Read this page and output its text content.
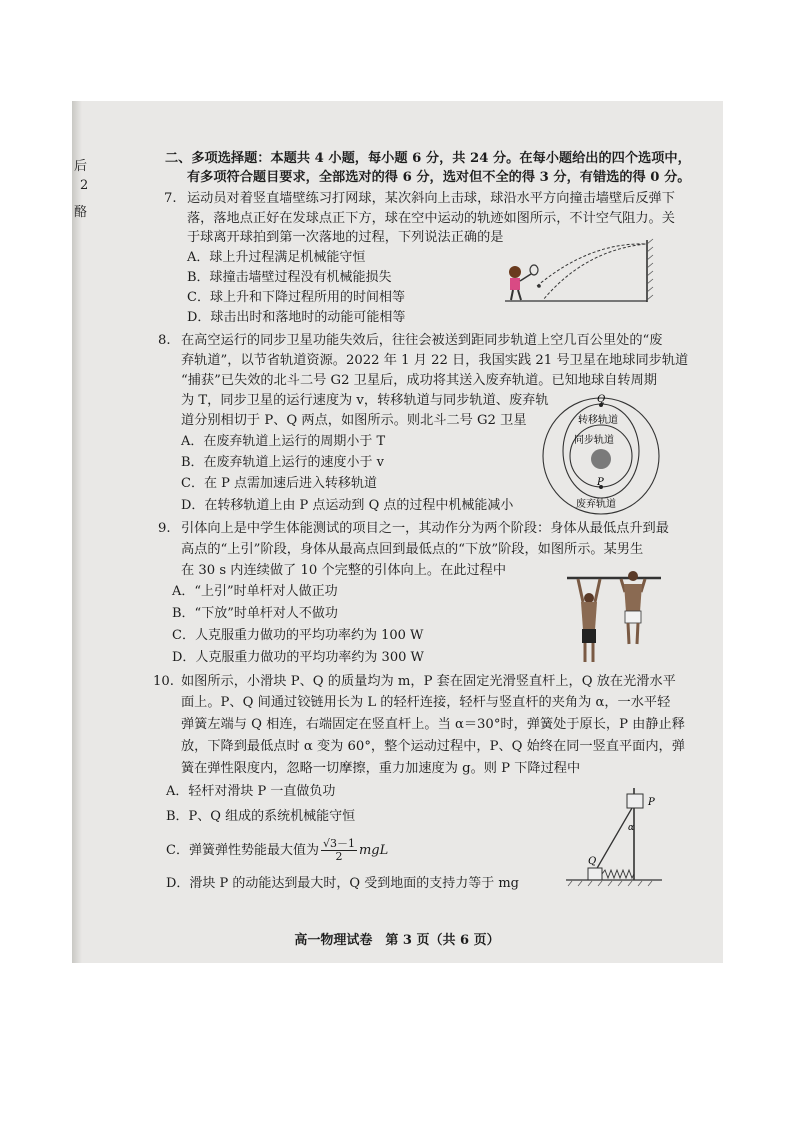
后
2
酪
二、多项选择题：本题共 4 小题，每小题 6 分，共 24 分。在每小题给出的四个选项中，
有多项符合题目要求，全部选对的得 6 分，选对但不全的得 3 分，有错选的得 0 分。
7. 运动员对着竖直墙壁练习打网球，某次斜向上击球，球沿水平方向撞击墙壁后反弹下
落，落地点正好在发球点正下方，球在空中运动的轨迹如图所示，不计空气阻力。关
于球离开球拍到第一次落地的过程，下列说法正确的是
A．球上升过程满足机械能守恒
B．球撞击墙壁过程没有机械能损失
C．球上升和下降过程所用的时间相等
D．球击出时和落地时的动能可能相等
8. 在高空运行的同步卫星功能失效后，往往会被送到距同步轨道上空几百公里处的“废
弃轨道”，以节省轨道资源。2022 年 1 月 22 日，我国实践 21 号卫星在地球同步轨道
“捕获”已失效的北斗二号 G2 卫星后，成功将其送入废弃轨道。已知地球自转周期
为 T，同步卫星的运行速度为 v，转移轨道与同步轨道、废弃轨
道分别相切于 P、Q 两点，如图所示。则北斗二号 G2 卫星
A．在废弃轨道上运行的周期小于 T
B．在废弃轨道上运行的速度小于 v
C．在 P 点需加速后进入转移轨道
D．在转移轨道上由 P 点运动到 Q 点的过程中机械能减小
Q
P
转移轨道
同步轨道
废弃轨道
9. 引体向上是中学生体能测试的项目之一，其动作分为两个阶段：身体从最低点升到最
高点的“上引”阶段，身体从最高点回到最低点的“下放”阶段，如图所示。某男生
在 30 s 内连续做了 10 个完整的引体向上。在此过程中
A．“上引”时单杆对人做正功
B．“下放”时单杆对人不做功
C．人克服重力做功的平均功率约为 100 W
D．人克服重力做功的平均功率约为 300 W
10. 如图所示，小滑块 P、Q 的质量均为 m，P 套在固定光滑竖直杆上，Q 放在光滑水平
面上。P、Q 间通过铰链用长为 L 的轻杆连接，轻杆与竖直杆的夹角为 α，一水平轻
弹簧左端与 Q 相连，右端固定在竖直杆上。当 α＝30°时，弹簧处于原长，P 由静止释
放，下降到最低点时 α 变为 60°，整个运动过程中，P、Q 始终在同一竖直平面内，弹
簧在弹性限度内，忽略一切摩擦，重力加速度为 g。则 P 下降过程中
A．轻杆对滑块 P 一直做负功
B．P、Q 组成的系统机械能守恒
C．弹簧弹性势能最大值为 $\frac{√3-1}{2}$ mgL
D．滑块 P 的动能达到最大时，Q 受到地面的支持力等于 mg
P
Q
α
高一物理试卷　第 3 页（共 6 页）
